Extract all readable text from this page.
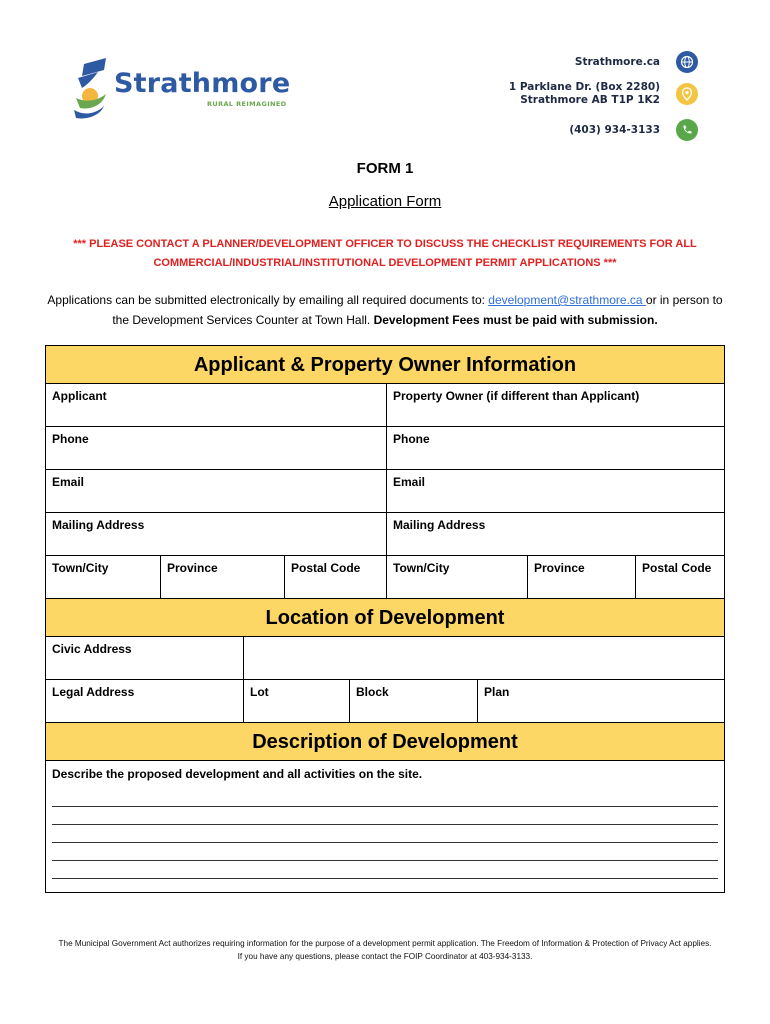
Strathmore
RURAL REIMAGINED
Strathmore.ca
1 Parklane Dr. (Box 2280)
Strathmore AB T1P 1K2
(403) 934-3133
FORM 1
Application Form
*** PLEASE CONTACT A PLANNER/DEVELOPMENT OFFICER TO DISCUSS THE CHECKLIST REQUIREMENTS FOR ALL COMMERCIAL/INDUSTRIAL/INSTITUTIONAL DEVELOPMENT PERMIT APPLICATIONS ***
Applications can be submitted electronically by emailing all required documents to: development@strathmore.ca or in person to the Development Services Counter at Town Hall. Development Fees must be paid with submission.
Applicant & Property Owner Information
Applicant	Property Owner (if different than Applicant)
Phone	Phone
Email	Email
Mailing Address	Mailing Address
Town/City	Province	Postal Code	Town/City	Province	Postal Code
Location of Development
Civic Address
Legal Address	Lot	Block	Plan
Description of Development
Describe the proposed development and all activities on the site.
The Municipal Government Act authorizes requiring information for the purpose of a development permit application. The Freedom of Information & Protection of Privacy Act applies.
If you have any questions, please contact the FOIP Coordinator at 403-934-3133.
